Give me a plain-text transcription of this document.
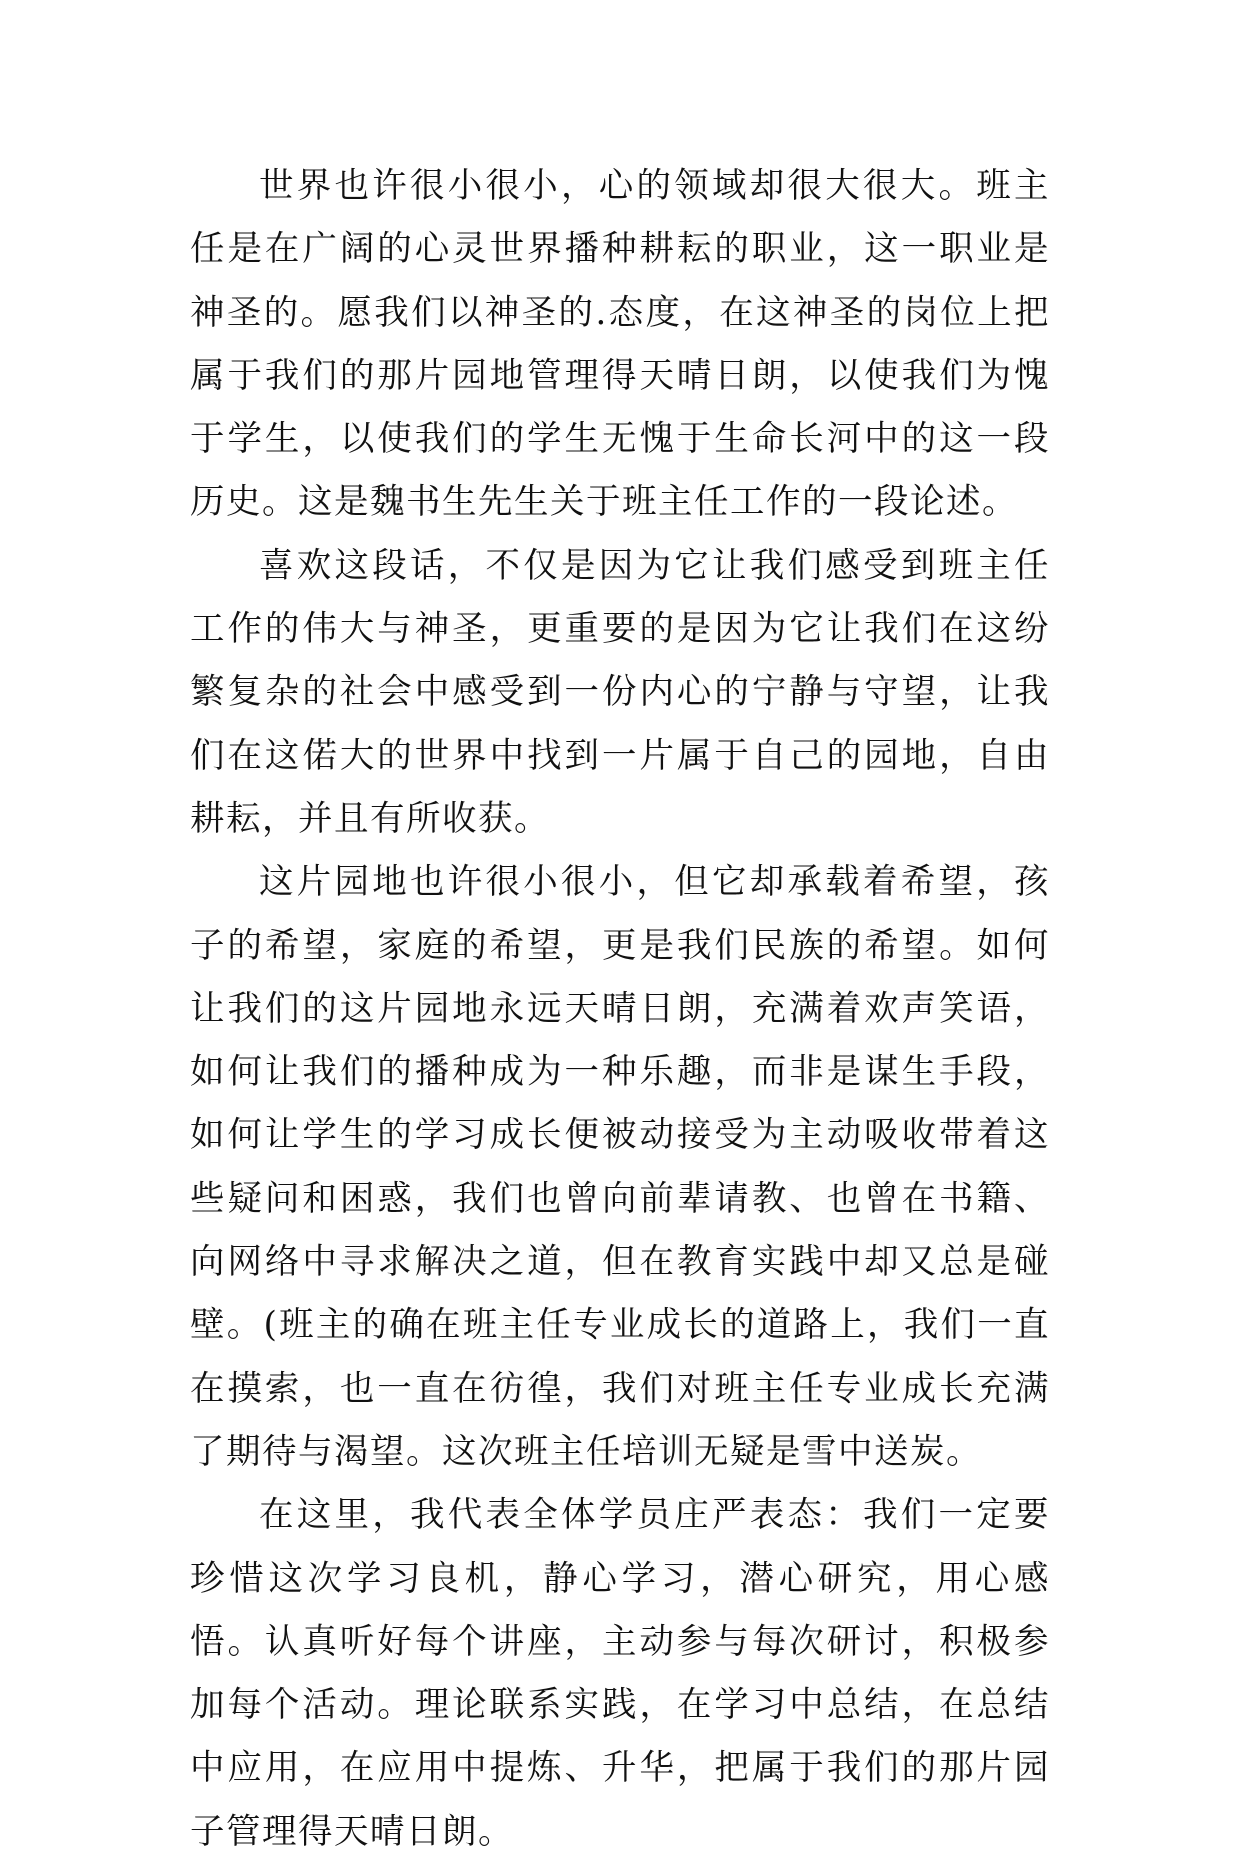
世界也许很小很小，心的领域却很大很大。班主任是在广阔的心灵世界播种耕耘的职业，这一职业是神圣的。愿我们以神圣的.态度，在这神圣的岗位上把属于我们的那片园地管理得天晴日朗，以使我们为愧于学生，以使我们的学生无愧于生命长河中的这一段历史。这是魏书生先生关于班主任工作的一段论述。

喜欢这段话，不仅是因为它让我们感受到班主任工作的伟大与神圣，更重要的是因为它让我们在这纷繁复杂的社会中感受到一份内心的宁静与守望，让我们在这偌大的世界中找到一片属于自己的园地，自由耕耘，并且有所收获。

这片园地也许很小很小，但它却承载着希望，孩子的希望，家庭的希望，更是我们民族的希望。如何让我们的这片园地永远天晴日朗，充满着欢声笑语，如何让我们的播种成为一种乐趣，而非是谋生手段，如何让学生的学习成长便被动接受为主动吸收带着这些疑问和困惑，我们也曾向前辈请教、也曾在书籍、向网络中寻求解决之道，但在教育实践中却又总是碰壁。(班主的确在班主任专业成长的道路上，我们一直在摸索，也一直在彷徨，我们对班主任专业成长充满了期待与渴望。这次班主任培训无疑是雪中送炭。

在这里，我代表全体学员庄严表态：我们一定要珍惜这次学习良机，静心学习，潜心研究，用心感悟。认真听好每个讲座，主动参与每次研讨，积极参加每个活动。理论联系实践，在学习中总结，在总结中应用，在应用中提炼、升华，把属于我们的那片园子管理得天晴日朗。
